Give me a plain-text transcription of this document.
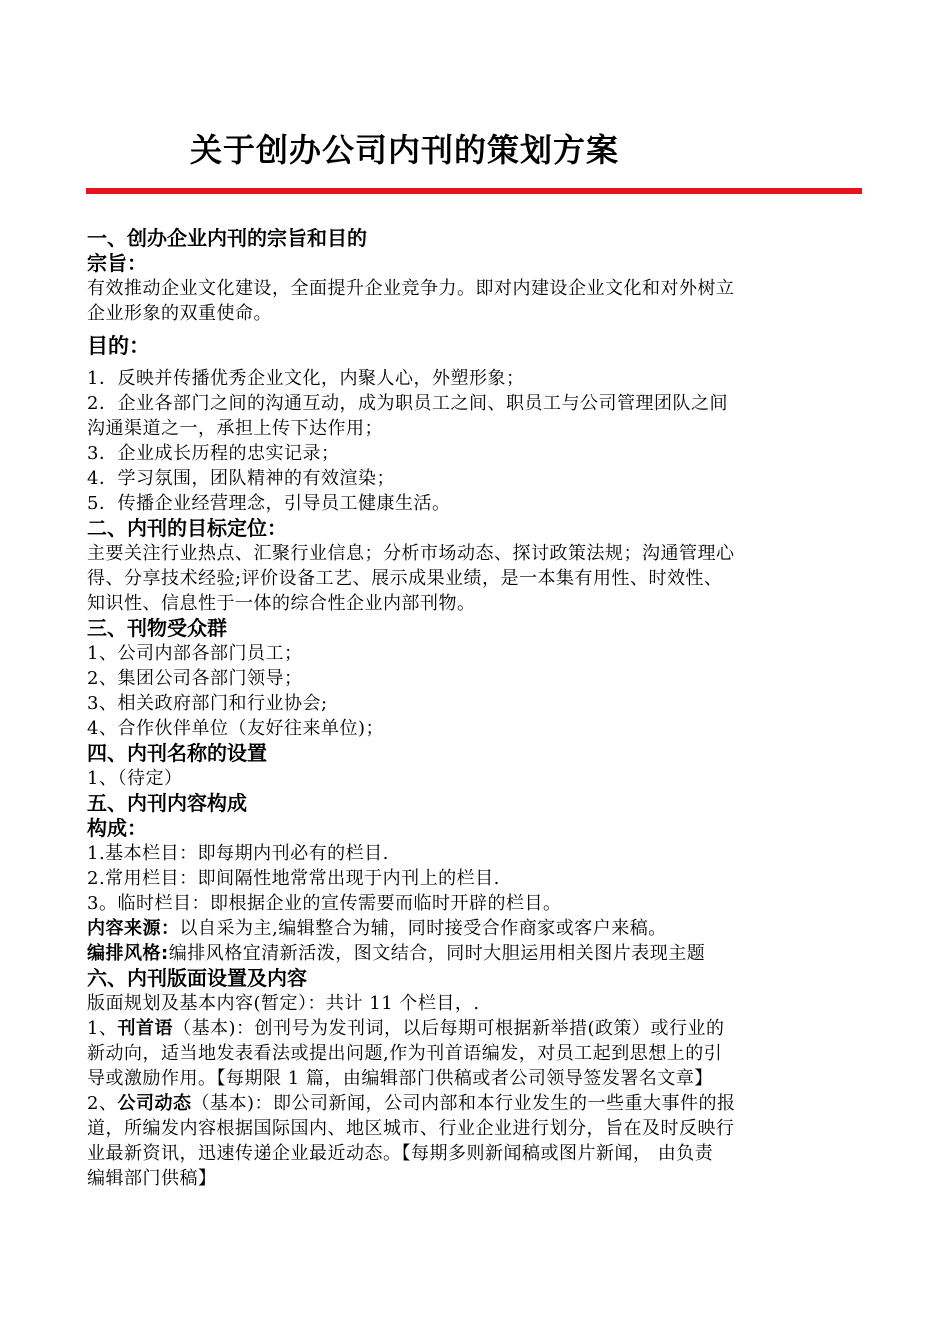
关于创办公司内刊的策划方案
一、创办企业内刊的宗旨和目的
宗旨：
有效推动企业文化建设，全面提升企业竞争力。即对内建设企业文化和对外树立
企业形象的双重使命。
目的：
1．反映并传播优秀企业文化，内聚人心，外塑形象；
2．企业各部门之间的沟通互动，成为职员工之间、职员工与公司管理团队之间
沟通渠道之一，承担上传下达作用；
3．企业成长历程的忠实记录；
4．学习氛围，团队精神的有效渲染；
5．传播企业经营理念，引导员工健康生活。
二、内刊的目标定位：
主要关注行业热点、汇聚行业信息；分析市场动态、探讨政策法规；沟通管理心
得、分享技术经验;评价设备工艺、展示成果业绩，是一本集有用性、时效性、
知识性、信息性于一体的综合性企业内部刊物。
三、刊物受众群
1、公司内部各部门员工；
2、集团公司各部门领导；
3、相关政府部门和行业协会;
4、合作伙伴单位（友好往来单位)；
四、内刊名称的设置
1、（待定）
五、内刊内容构成
构成：
1.基本栏目：即每期内刊必有的栏目.
2.常用栏目：即间隔性地常常出现于内刊上的栏目.
3。临时栏目：即根据企业的宣传需要而临时开辟的栏目。
内容来源：以自采为主,编辑整合为辅，同时接受合作商家或客户来稿。
编排风格:编排风格宜清新活泼，图文结合，同时大胆运用相关图片表现主题
六、内刊版面设置及内容
版面规划及基本内容(暂定）：共计 11 个栏目，.
1、刊首语（基本)：创刊号为发刊词，以后每期可根据新举措(政策）或行业的
新动向，适当地发表看法或提出问题,作为刊首语编发，对员工起到思想上的引
导或激励作用。【每期限 1 篇，由编辑部门供稿或者公司领导签发署名文章】
2、公司动态（基本)：即公司新闻，公司内部和本行业发生的一些重大事件的报
道，所编发内容根据国际国内、地区城市、行业企业进行划分，旨在及时反映行
业最新资讯，迅速传递企业最近动态。【每期多则新闻稿或图片新闻， 由负责
编辑部门供稿】
